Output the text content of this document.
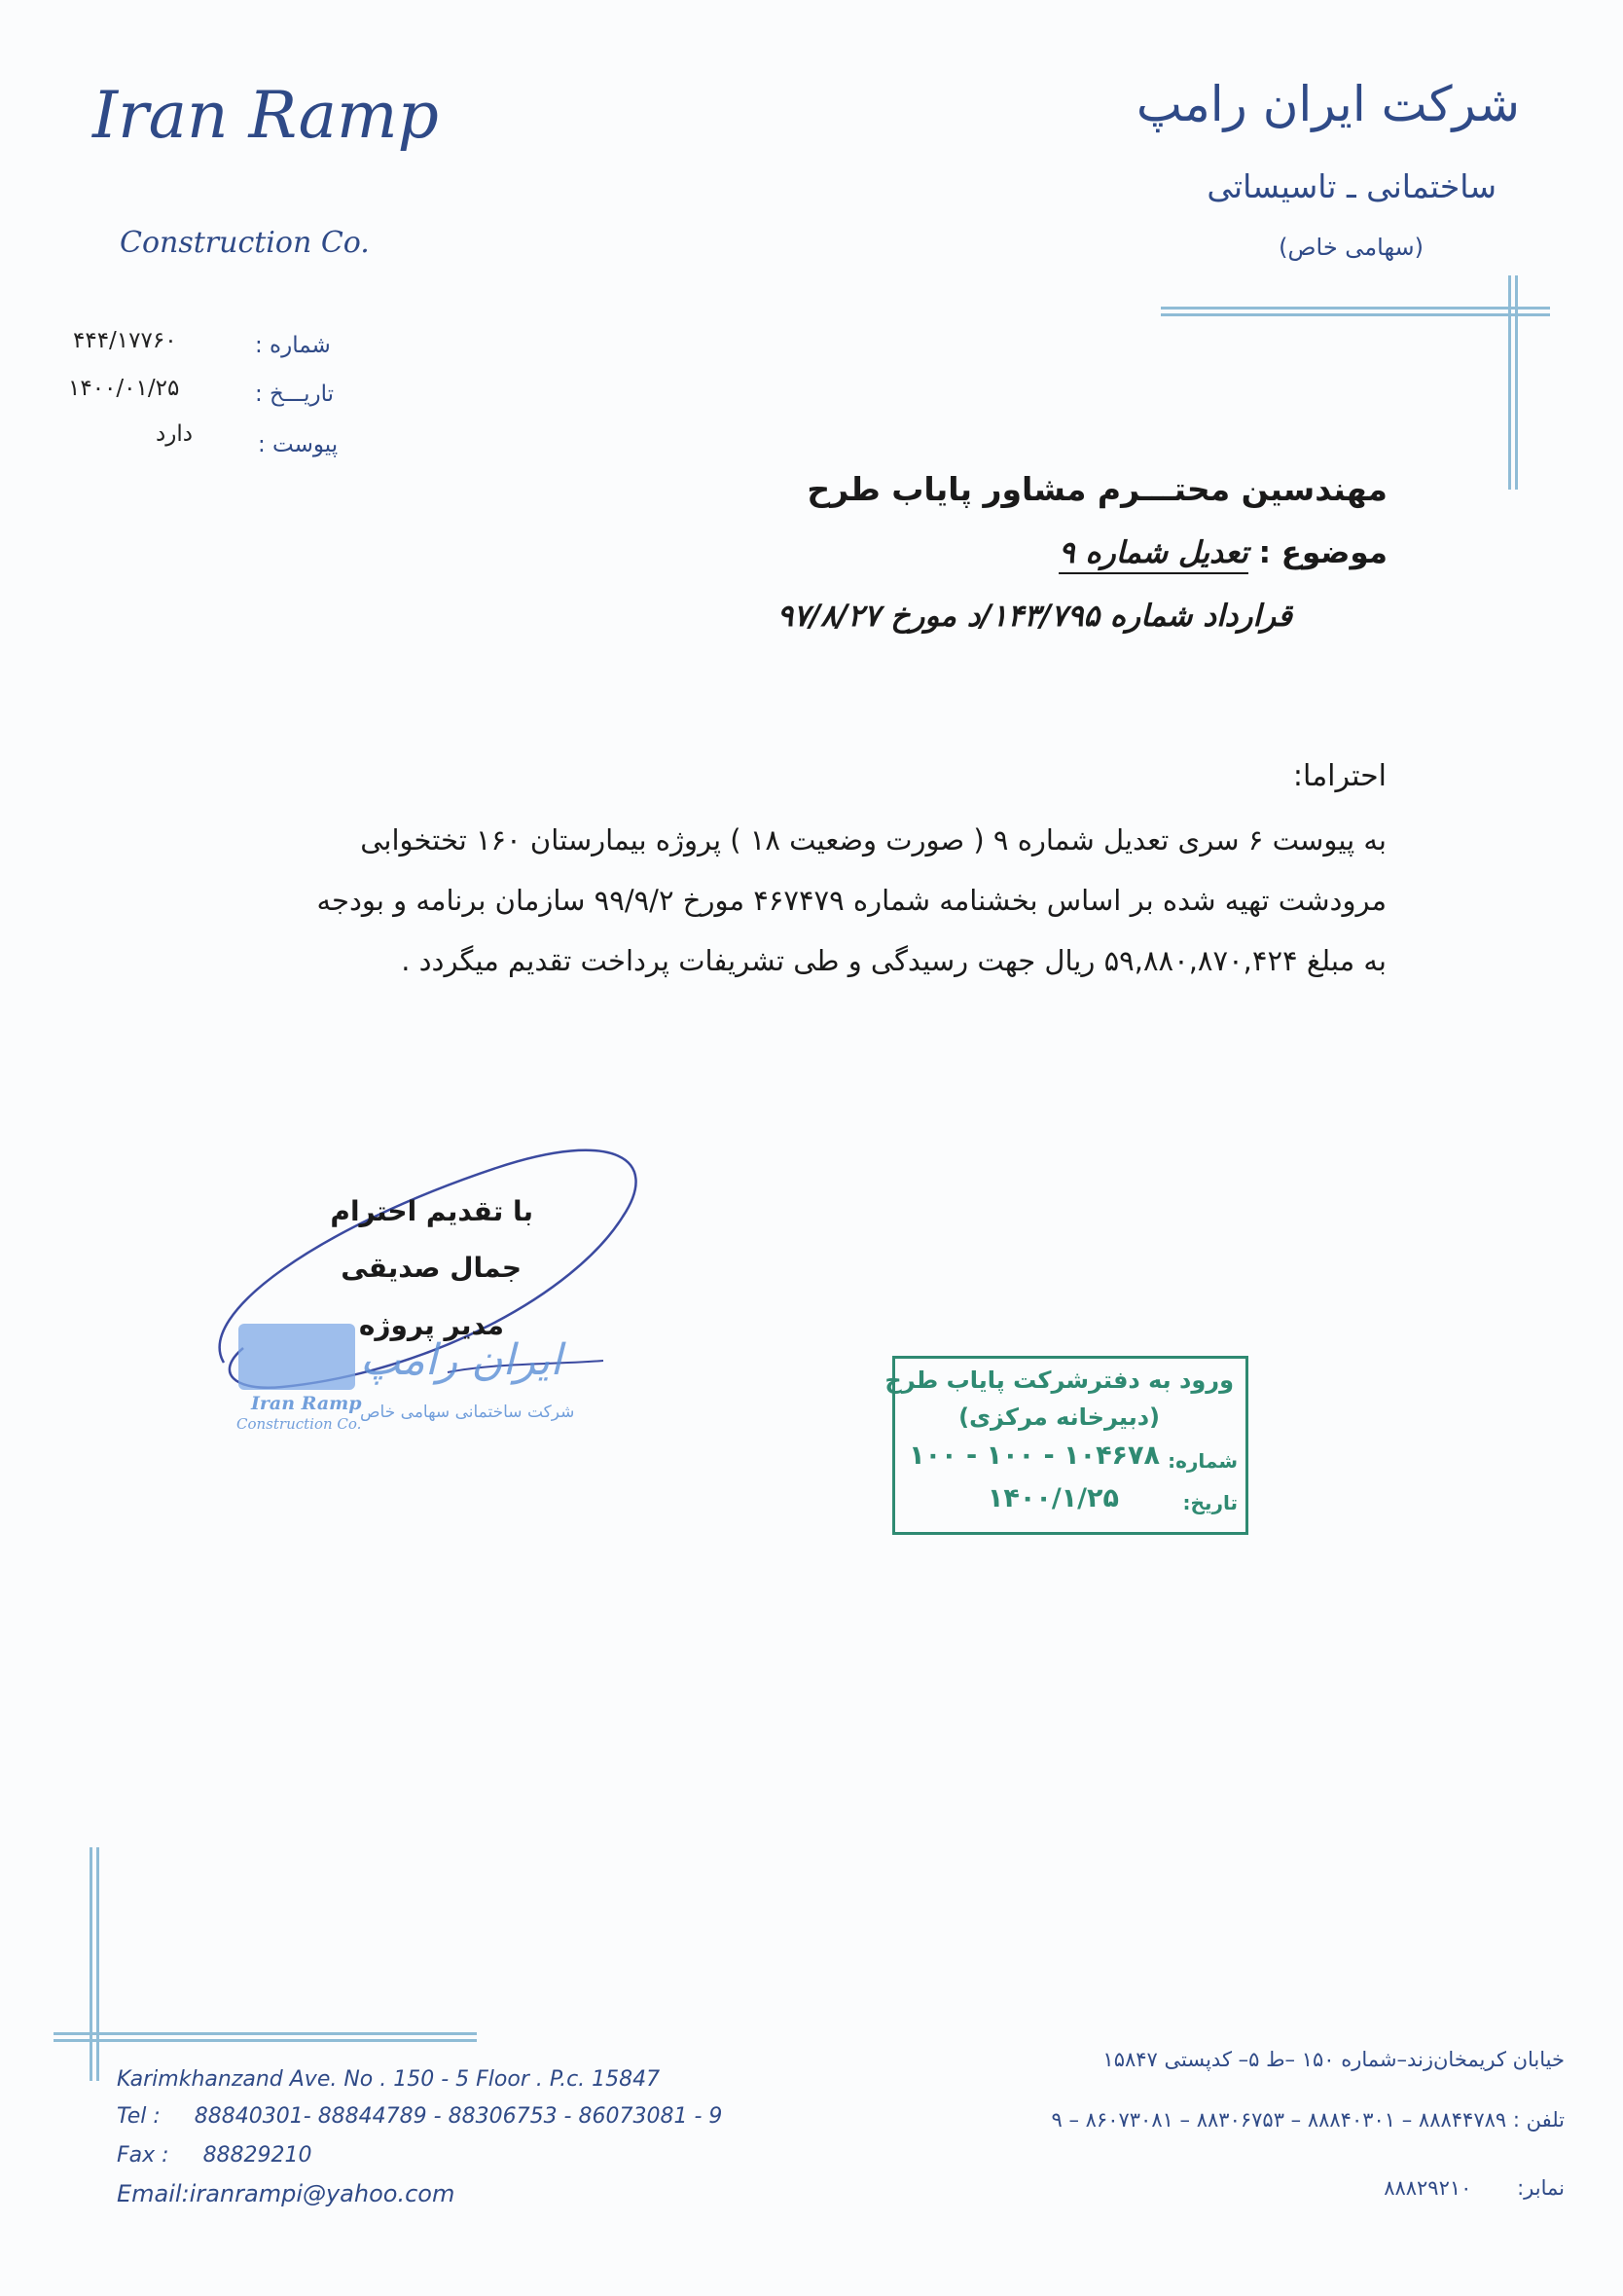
Iran Ramp
Construction Co.
شرکت ایران رامپ
ساختمانی ـ تاسیساتی
(سهامی خاص)
شماره :
۴۴۴/۱۷۷۶۰
تاریـــخ :
۱۴۰۰/۰۱/۲۵
پیوست :
دارد
مهندسین محتـــرم مشاور پایاب طرح
موضوع : تعدیل شماره ۹
قرارداد شماره ۱۴۳/۷۹۵/د مورخ ۹۷/۸/۲۷
احتراما:
به پیوست ۶ سری تعدیل شماره ۹ ( صورت وضعیت ۱۸ ) پروژه بیمارستان ۱۶۰ تختخوابی
مرودشت تهیه شده بر اساس بخشنامه شماره ۴۶۷۴۷۹ مورخ ۹۹/۹/۲ سازمان برنامه و بودجه
به مبلغ ۵۹,۸۸۰,۸۷۰,۴۲۴ ریال جهت رسیدگی و طی تشریفات پرداخت تقدیم میگردد .
ایران رامپ
Iran Ramp
Construction Co.
شرکت ساختمانی سهامی خاص
با تقدیم احترام
جمال صدیقی
مدیر پروژه
ورود به دفترشرکت پایاب طرح
(دبیرخانه مرکزی)
شماره:
۱۰۴۶۷۸ - ۱۰۰ - ۱۰۰
تاریخ:
۱۴۰۰/۱/۲۵
Karimkhanzand Ave. No . 150 - 5 Floor . P.c. 15847
Tel : 88840301- 88844789 - 88306753 - 86073081 - 9
Fax : 88829210
Email:iranrampi@yahoo.com
خیابان کریمخان‌زند–شماره ۱۵۰ –ط ۵– کدپستی ۱۵۸۴۷
تلفن : ۸۸۸۴۴۷۸۹ – ۸۸۸۴۰۳۰۱ – ۸۸۳۰۶۷۵۳ – ۸۶۰۷۳۰۸۱ – ۹
نمابر: ۸۸۸۲۹۲۱۰
